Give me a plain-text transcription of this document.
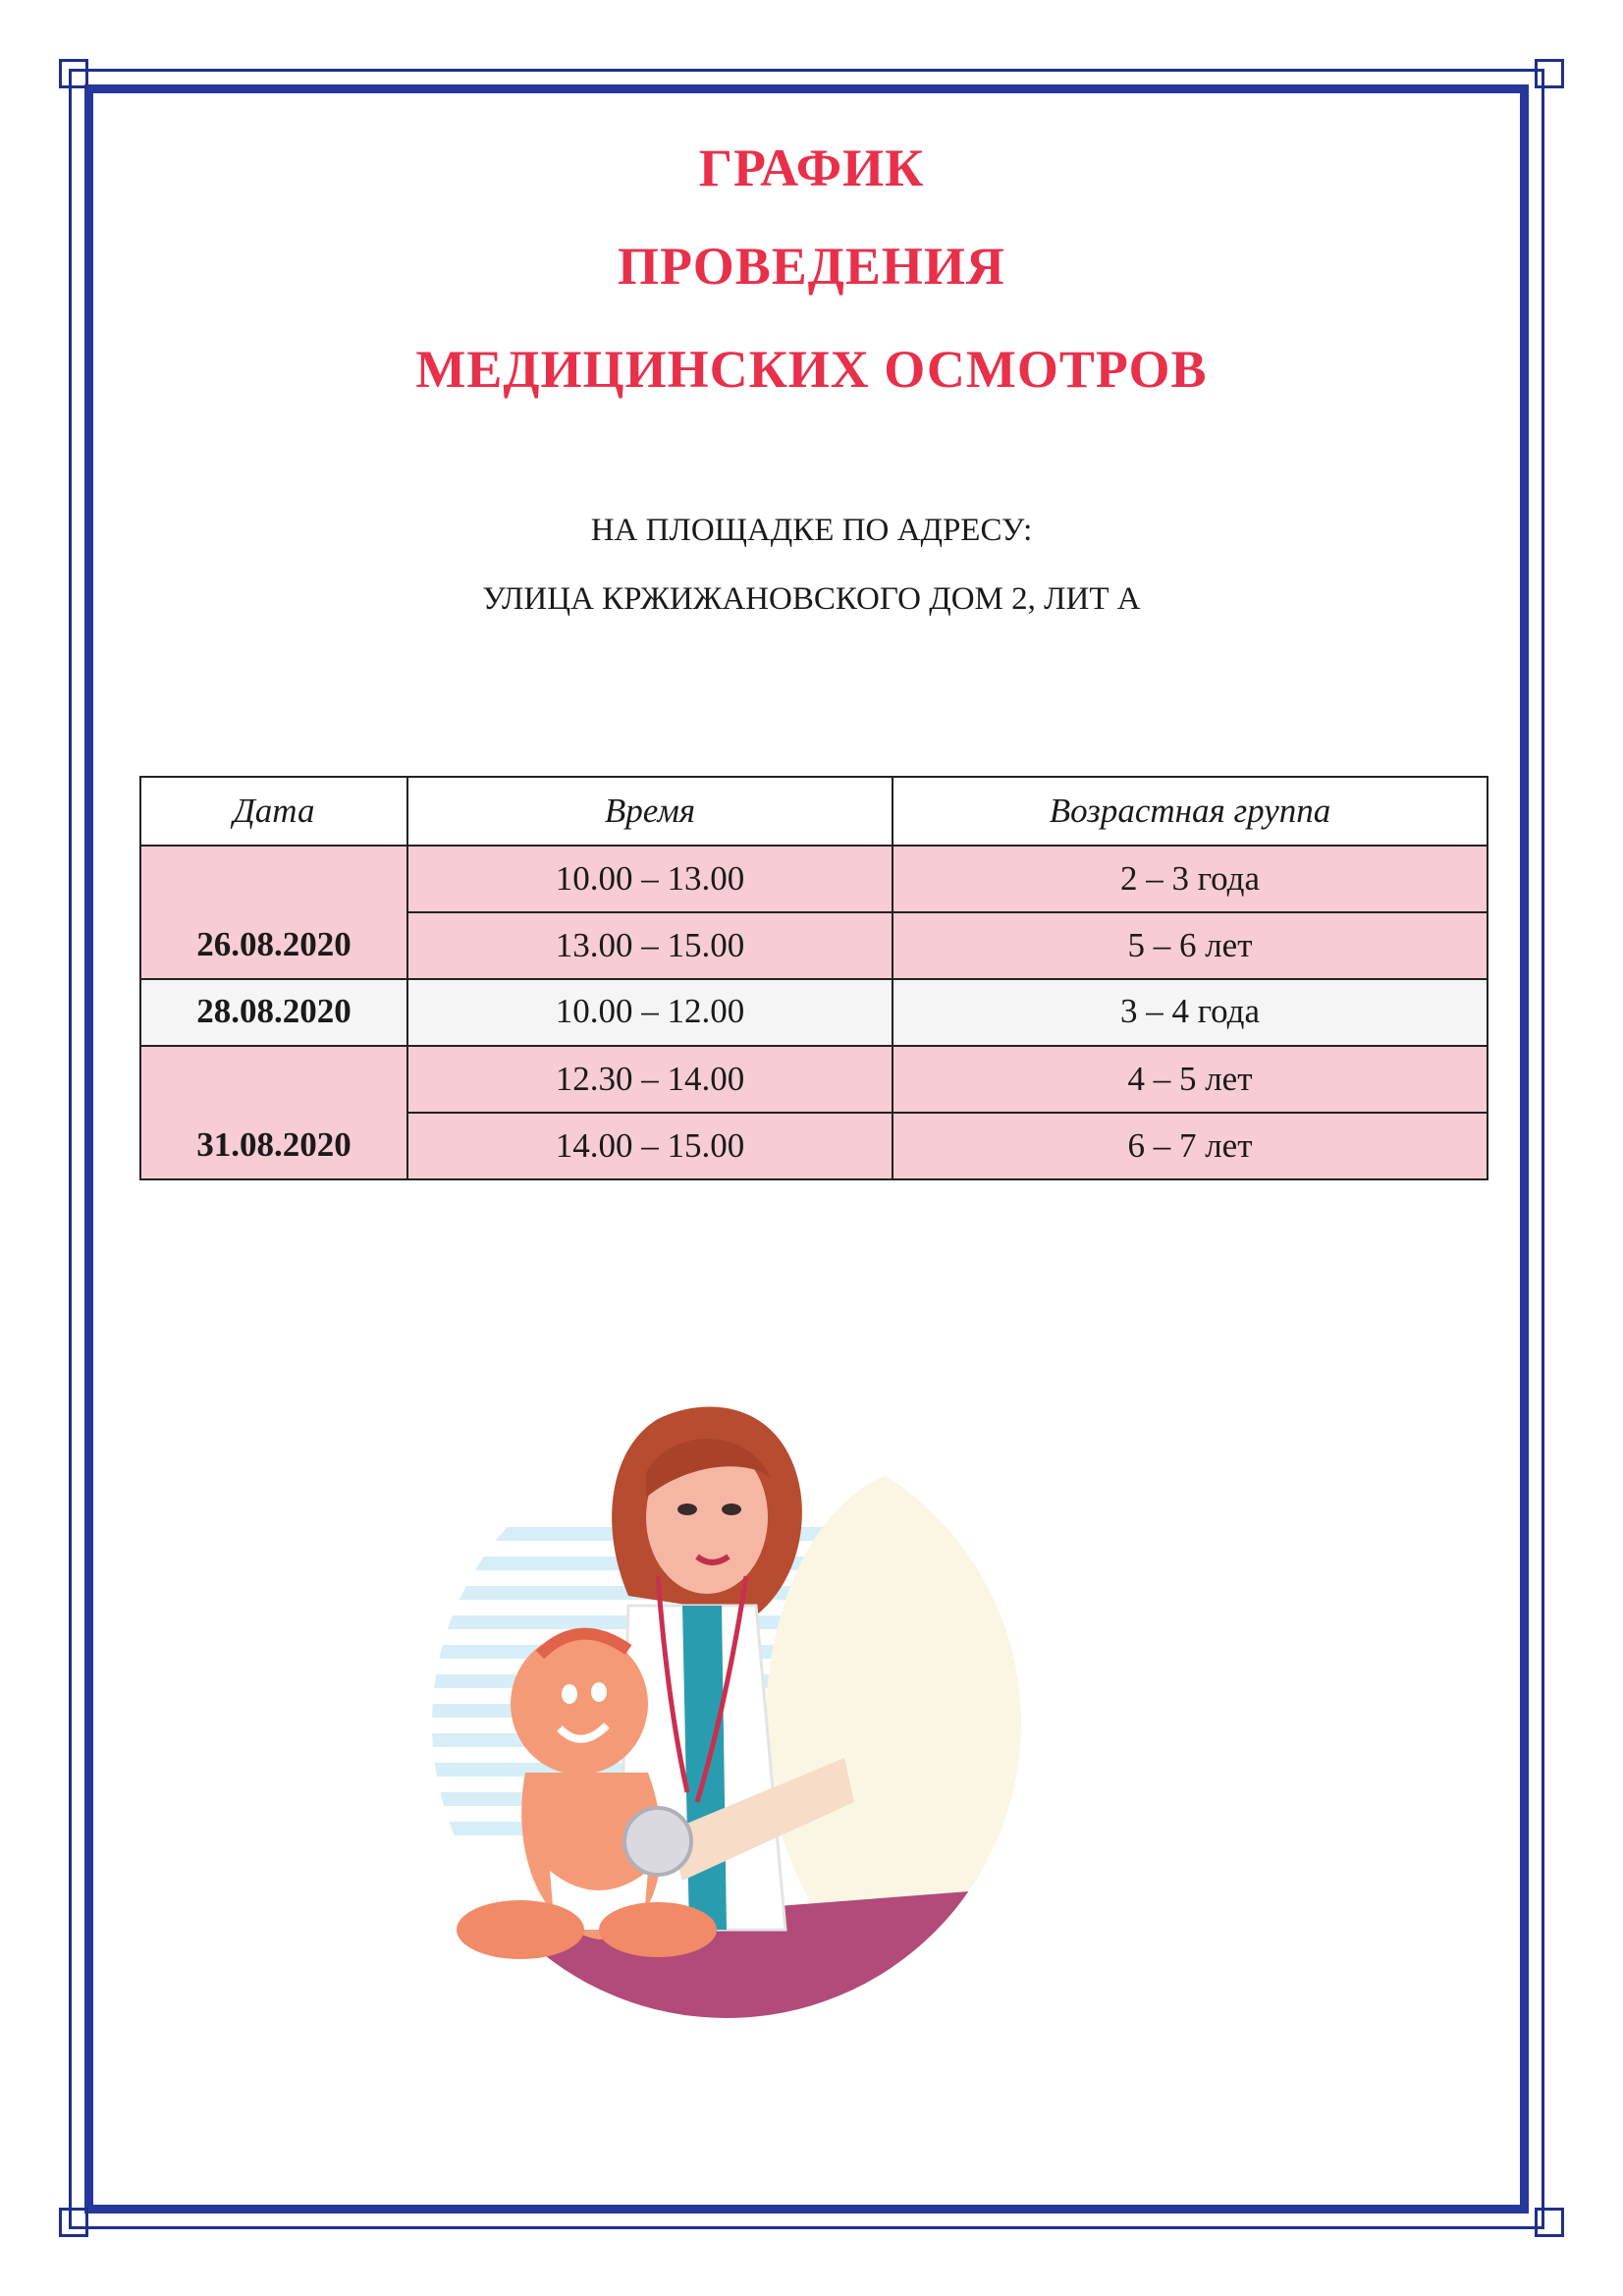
ГРАФИК
ПРОВЕДЕНИЯ
МЕДИЦИНСКИХ ОСМОТРОВ
НА ПЛОЩАДКЕ ПО АДРЕСУ:
УЛИЦА КРЖИЖАНОВСКОГО ДОМ 2, ЛИТ А
Дата	Время	Возрастная группа
26.08.2020	10.00 – 13.00	2 – 3 года
	13.00 – 15.00	5 – 6 лет
28.08.2020	10.00 – 12.00	3 – 4 года
31.08.2020	12.30 – 14.00	4 – 5 лет
	14.00 – 15.00	6 – 7 лет
